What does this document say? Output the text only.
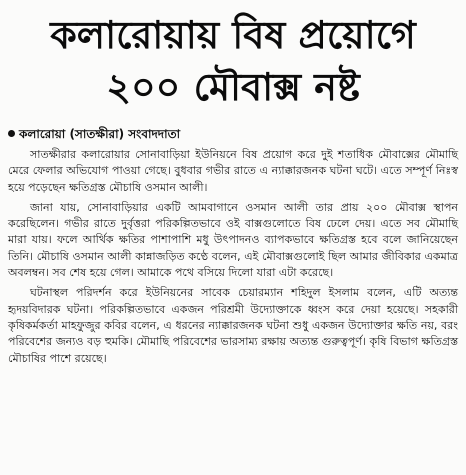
কলারোয়ায় বিষ প্রয়োগে
২০০ মৌবাক্স নষ্ট
কলারোয়া (সাতক্ষীরা) সংবাদদাতা

সাতক্ষীরার কলারোয়ার সোনাবাড়িয়া ইউনিয়নে বিষ প্রয়োগ করে দুই শতাধিক মৌবাক্সের মৌমাছি মেরে ফেলার অভিযোগ পাওয়া গেছে। বুধবার গভীর রাতে এ ন্যাক্কারজনক ঘটনা ঘটে। এতে সম্পূর্ণ নিঃস্ব হয়ে পড়েছেন ক্ষতিগ্রস্ত মৌচাষি ওসমান আলী।

জানা যায়, সোনাবাড়িয়ার একটি আমবাগানে ওসমান আলী তার প্রায় ২০০ মৌবাক্স স্থাপন করেছিলেন। গভীর রাতে দুর্বৃত্তরা পরিকল্পিতভাবে ওই বাক্সগুলোতে বিষ ঢেলে দেয়। এতে সব মৌমাছি মারা যায়। ফলে আর্থিক ক্ষতির পাশাপাশি মধু উৎপাদনও ব্যাপকভাবে ক্ষতিগ্রস্ত হবে বলে জানিয়েছেন তিনি। মৌচাষি ওসমান আলী কান্নাজড়িত কণ্ঠে বলেন, এই মৌবাক্সগুলোই ছিল আমার জীবিকার একমাত্র অবলম্বন। সব শেষ হয়ে গেল। আমাকে পথে বসিয়ে দিলো যারা এটা করেছে।

ঘটনাস্থল পরিদর্শন করে ইউনিয়নের সাবেক চেয়ারম্যান শহিদুল ইসলাম বলেন, এটি অত্যন্ত হৃদয়বিদারক ঘটনা। পরিকল্পিতভাবে একজন পরিশ্রমী উদ্যোক্তাকে ধ্বংস করে দেয়া হয়েছে। সহকারী কৃষিকর্মকর্তা মাহফুজুর কবির বলেন, এ ধরনের ন্যাক্কারজনক ঘটনা শুধু একজন উদ্যোক্তার ক্ষতি নয়, বরং পরিবেশের জন্যও বড় হুমকি। মৌমাছি পরিবেশের ভারসাম্য রক্ষায় অত্যন্ত গুরুত্বপূর্ণ। কৃষি বিভাগ ক্ষতিগ্রস্ত মৌচাষির পাশে রয়েছে।
